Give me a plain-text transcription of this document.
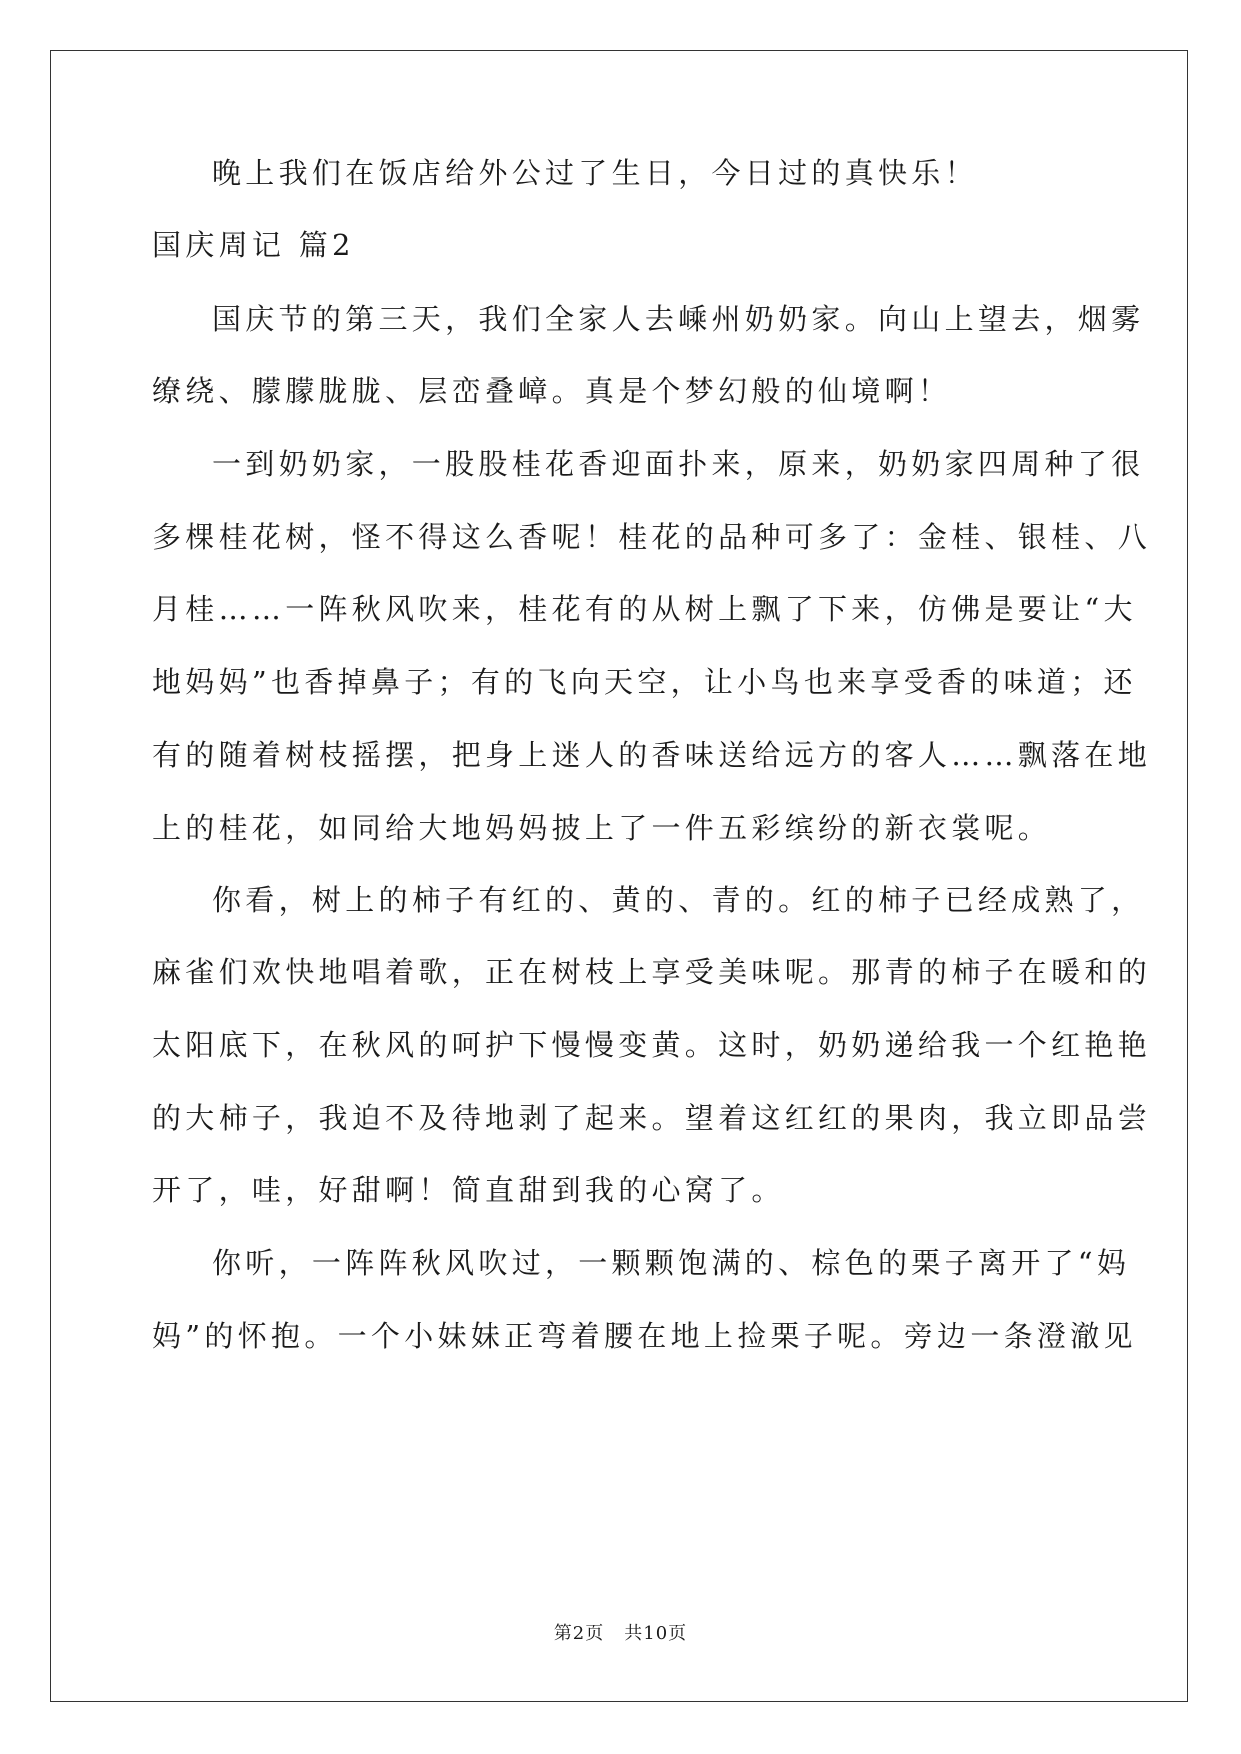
晚上我们在饭店给外公过了生日，今日过的真快乐！
国庆周记 篇2
国庆节的第三天，我们全家人去嵊州奶奶家。向山上望去，烟雾
缭绕、朦朦胧胧、层峦叠嶂。真是个梦幻般的仙境啊！
一到奶奶家，一股股桂花香迎面扑来，原来，奶奶家四周种了很
多棵桂花树，怪不得这么香呢！桂花的品种可多了：金桂、银桂、八
月桂……一阵秋风吹来，桂花有的从树上飘了下来，仿佛是要让“大
地妈妈”也香掉鼻子；有的飞向天空，让小鸟也来享受香的味道；还
有的随着树枝摇摆，把身上迷人的香味送给远方的客人……飘落在地
上的桂花，如同给大地妈妈披上了一件五彩缤纷的新衣裳呢。
你看，树上的柿子有红的、黄的、青的。红的柿子已经成熟了，
麻雀们欢快地唱着歌，正在树枝上享受美味呢。那青的柿子在暖和的
太阳底下，在秋风的呵护下慢慢变黄。这时，奶奶递给我一个红艳艳
的大柿子，我迫不及待地剥了起来。望着这红红的果肉，我立即品尝
开了，哇，好甜啊！简直甜到我的心窝了。
你听，一阵阵秋风吹过，一颗颗饱满的、棕色的栗子离开了“妈
妈”的怀抱。一个小妹妹正弯着腰在地上捡栗子呢。旁边一条澄澈见
第2页 共10页
